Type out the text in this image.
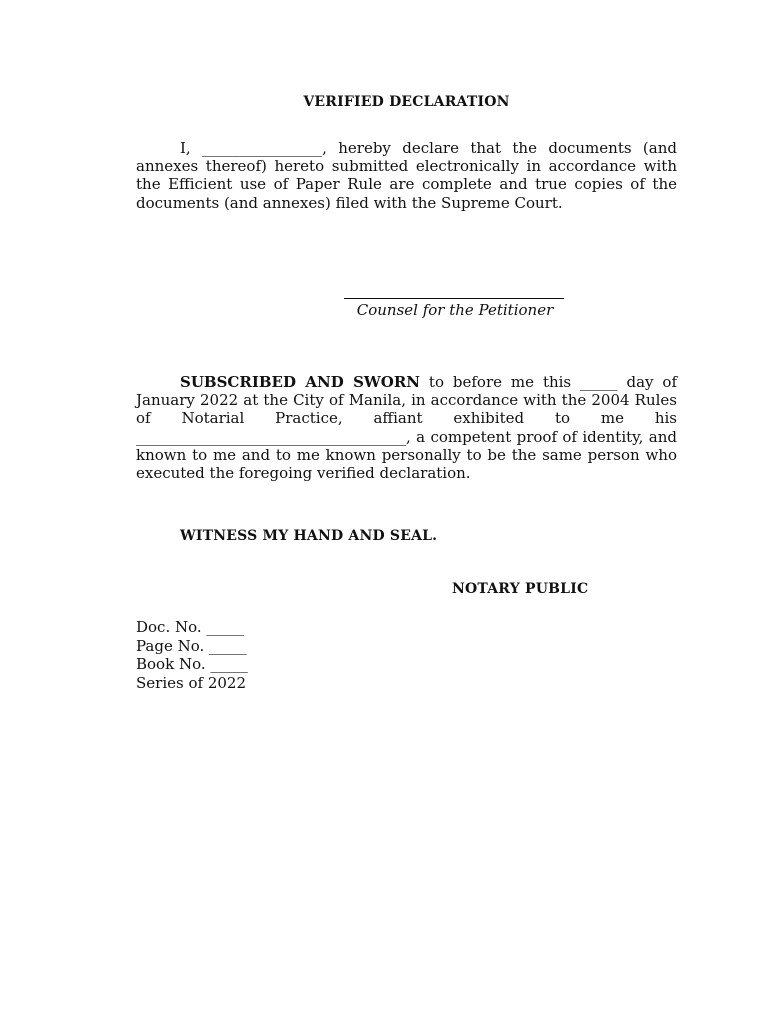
VERIFIED DECLARATION
I, ________________, hereby declare that the documents (and annexes thereof) hereto submitted electronically in accordance with the Efficient use of Paper Rule are complete and true copies of the documents (and annexes) filed with the Supreme Court.
Counsel for the Petitioner
SUBSCRIBED AND SWORN to before me this _____ day of January 2022 at the City of Manila, in accordance with the 2004 Rules of Notarial Practice, affiant exhibited to me his ____________________________________, a competent proof of identity, and known to me and to me known personally to be the same person who executed the foregoing verified declaration.
WITNESS MY HAND AND SEAL.
NOTARY PUBLIC
Doc. No. _____
Page No. _____
Book No. _____
Series of 2022
